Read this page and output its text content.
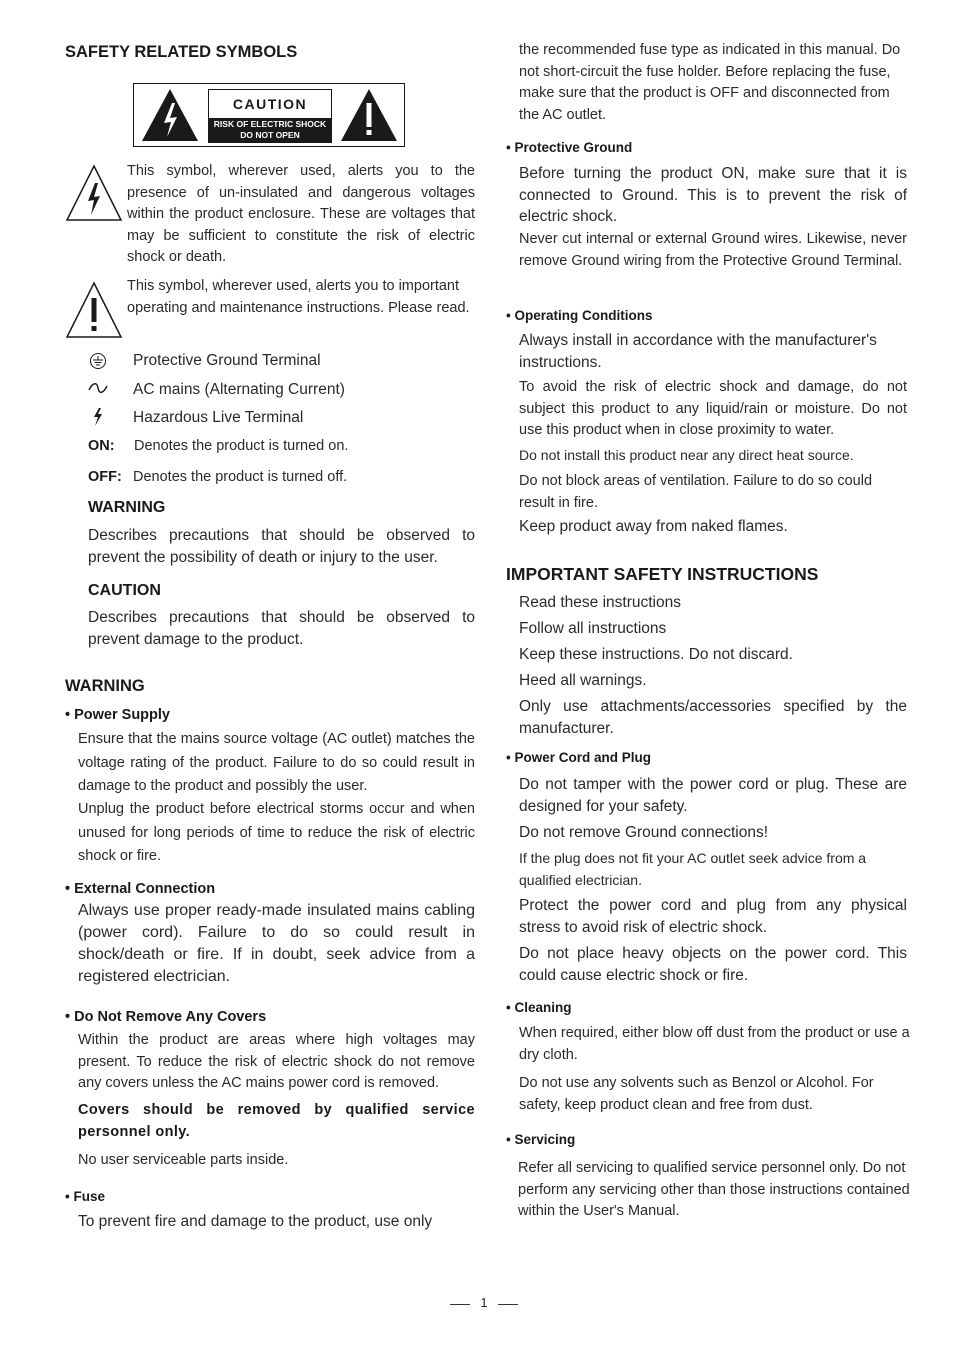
SAFETY RELATED SYMBOLS
CAUTION
RISK OF ELECTRIC SHOCK
DO NOT OPEN
This symbol, wherever used, alerts you to the presence of un-insulated and dangerous voltages within the product enclosure. These are voltages that may be sufficient to constitute the risk of electric shock or death.
This symbol, wherever used, alerts you to important operating and maintenance instructions. Please read.
Protective Ground Terminal
AC mains (Alternating Current)
Hazardous Live Terminal
ON: Denotes the product is turned on.
OFF: Denotes the product is turned off.
WARNING
Describes precautions that should be observed to prevent the possibility of death or injury to the user.
CAUTION
Describes precautions that should be observed to prevent damage to the product.
WARNING
• Power Supply
Ensure that the mains source voltage (AC outlet) matches the voltage rating of the product. Failure to do so could result in damage to the product and possibly the user.
Unplug the product before electrical storms occur and when unused for long periods of time to reduce the risk of electric shock or fire.
• External Connection
Always use proper ready-made insulated mains cabling (power cord). Failure to do so could result in shock/death or fire. If in doubt, seek advice from a registered electrician.
• Do Not Remove Any Covers
Within the product are areas where high voltages may present. To reduce the risk of electric shock do not remove any covers unless the AC mains power cord is removed.
Covers should be removed by qualified service personnel only.
No user serviceable parts inside.
• Fuse
To prevent fire and damage to the product, use only
the recommended fuse type as indicated in this manual. Do not short-circuit the fuse holder. Before replacing the fuse, make sure that the product is OFF and disconnected from the AC outlet.
• Protective Ground
Before turning the product ON, make sure that it is connected to Ground. This is to prevent the risk of electric shock.
Never cut internal or external Ground wires. Likewise, never remove Ground wiring from the Protective Ground Terminal.
• Operating Conditions
Always install in accordance with the manufacturer's instructions.
To avoid the risk of electric shock and damage, do not subject this product to any liquid/rain or moisture. Do not use this product when in close proximity to water.
Do not install this product near any direct heat source.
Do not block areas of ventilation. Failure to do so could result in fire.
Keep product away from naked flames.
IMPORTANT SAFETY INSTRUCTIONS
Read these instructions
Follow all instructions
Keep these instructions. Do not discard.
Heed all warnings.
Only use attachments/accessories specified by the manufacturer.
• Power Cord and Plug
Do not tamper with the power cord or plug. These are designed for your safety.
Do not remove Ground connections!
If the plug does not fit your AC outlet seek advice from a qualified electrician.
Protect the power cord and plug from any physical stress to avoid risk of electric shock.
Do not place heavy objects on the power cord. This could cause electric shock or fire.
• Cleaning
When required, either blow off dust from the product or use a dry cloth.
Do not use any solvents such as Benzol or Alcohol. For safety, keep product clean and free from dust.
• Servicing
Refer all servicing to qualified service personnel only. Do not perform any servicing other than those instructions contained within the User's Manual.
1
